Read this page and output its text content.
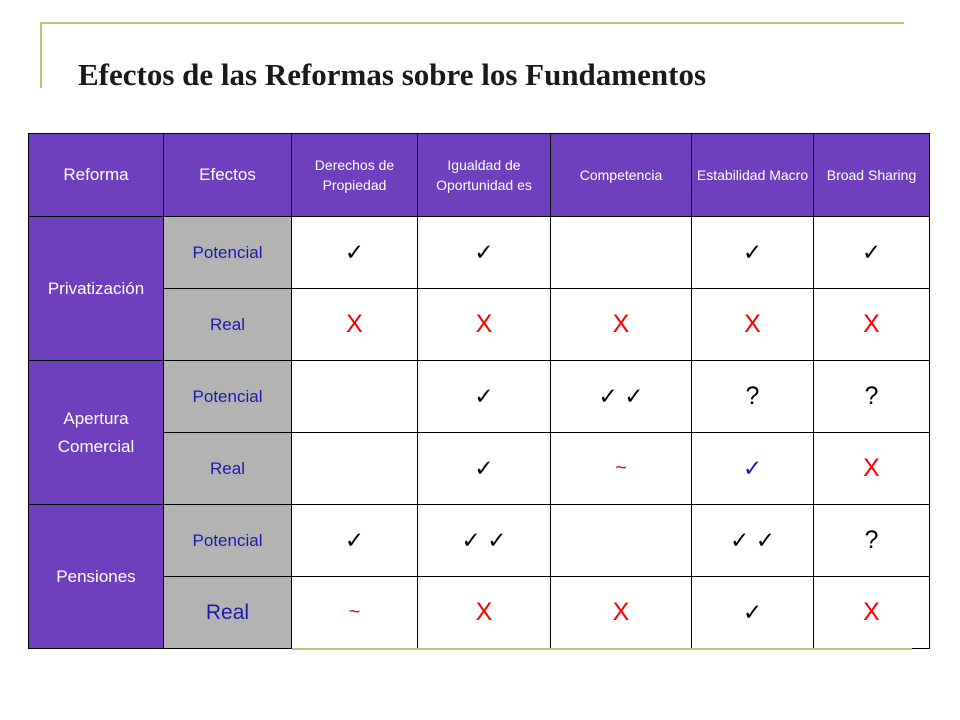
Efectos de las Reformas sobre los Fundamentos
Reforma	Efectos	Derechos de Propiedad	Igualdad de Oportunidad es	Competencia	Estabilidad Macro	Broad Sharing
Privatización	Potencial	✓	✓		✓	✓
	Real	X	X	X	X	X
Apertura Comercial	Potencial		✓	✓ ✓	?	?
	Real		✓	~	✓	X
Pensiones	Potencial	✓	✓ ✓		✓ ✓	?
	Real	~	X	X	✓	X
